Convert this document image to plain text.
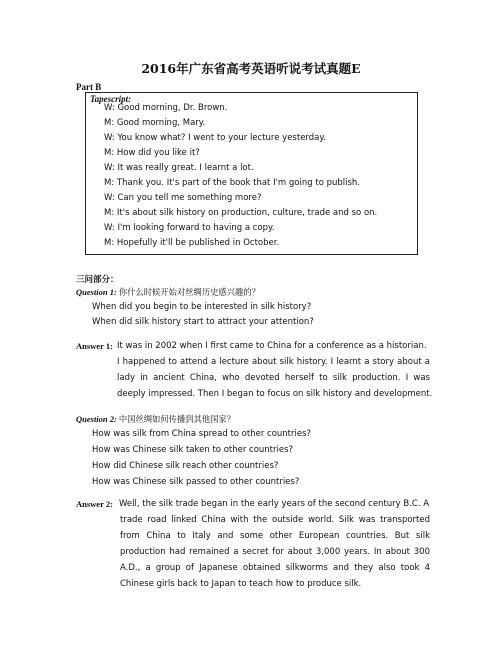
2016年广东省高考英语听说考试真题E
Part B
Tapescript:
W: Good morning, Dr. Brown.
M: Good morning, Mary.
W: You know what? I went to your lecture yesterday.
M: How did you like it?
W: It was really great. I learnt a lot.
M: Thank you. It's part of the book that I'm going to publish.
W: Can you tell me something more?
M: It's about silk history on production, culture, trade and so on.
W: I'm looking forward to having a copy.
M: Hopefully it'll be published in October.
三问部分：
Question 1: 你什么时候开始对丝绸历史感兴趣的？
When did you begin to be interested in silk history?
When did silk history start to attract your attention?
Answer 1: It was in 2002 when I first came to China for a conference as a historian.
I happened to attend a lecture about silk history. I learnt a story about a
lady in ancient China, who devoted herself to silk production. I was
deeply impressed. Then I began to focus on silk history and development.
Question 2: 中国丝绸如何传播到其他国家？
How was silk from China spread to other countries?
How was Chinese silk taken to other countries?
How did Chinese silk reach other countries?
How was Chinese silk passed to other countries?
Answer 2: Well, the silk trade began in the early years of the second century B.C. A
trade road linked China with the outside world. Silk was transported
from China to Italy and some other European countries. But silk
production had remained a secret for about 3,000 years. In about 300
A.D., a group of Japanese obtained silkworms and they also took 4
Chinese girls back to Japan to teach how to produce silk.
